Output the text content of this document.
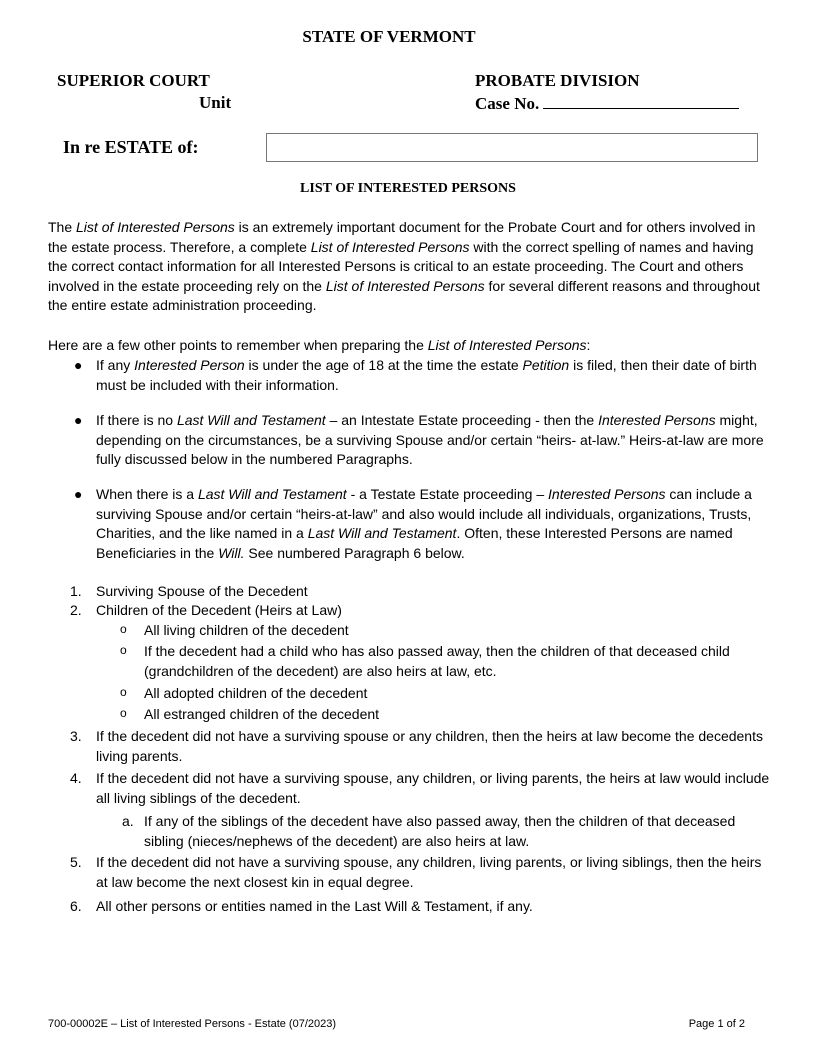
STATE OF VERMONT
SUPERIOR COURT
Unit
PROBATE DIVISION
Case No.
In re ESTATE of:
LIST OF INTERESTED PERSONS

The List of Interested Persons is an extremely important document for the Probate Court and for others involved in the estate process. Therefore, a complete List of Interested Persons with the correct spelling of names and having the correct contact information for all Interested Persons is critical to an estate proceeding. The Court and others involved in the estate proceeding rely on the List of Interested Persons for several different reasons and throughout the entire estate administration proceeding.

Here are a few other points to remember when preparing the List of Interested Persons:

● If any Interested Person is under the age of 18 at the time the estate Petition is filed, then their date of birth must be included with their information.
● If there is no Last Will and Testament – an Intestate Estate proceeding - then the Interested Persons might, depending on the circumstances, be a surviving Spouse and/or certain “heirs- at-law.” Heirs-at-law are more fully discussed below in the numbered Paragraphs.
● When there is a Last Will and Testament - a Testate Estate proceeding – Interested Persons can include a surviving Spouse and/or certain “heirs-at-law” and also would include all individuals, organizations, Trusts, Charities, and the like named in a Last Will and Testament. Often, these Interested Persons are named Beneficiaries in the Will. See numbered Paragraph 6 below.
1. Surviving Spouse of the Decedent
2. Children of the Decedent (Heirs at Law)
o All living children of the decedent
o If the decedent had a child who has also passed away, then the children of that deceased child (grandchildren of the decedent) are also heirs at law, etc.
o All adopted children of the decedent
o All estranged children of the decedent
3. If the decedent did not have a surviving spouse or any children, then the heirs at law become the decedents living parents.
4. If the decedent did not have a surviving spouse, any children, or living parents, the heirs at law would include all living siblings of the decedent.
a. If any of the siblings of the decedent have also passed away, then the children of that deceased sibling (nieces/nephews of the decedent) are also heirs at law.
5. If the decedent did not have a surviving spouse, any children, living parents, or living siblings, then the heirs at law become the next closest kin in equal degree.
6. All other persons or entities named in the Last Will & Testament, if any.
700-00002E – List of Interested Persons - Estate (07/2023)	Page 1 of 2
